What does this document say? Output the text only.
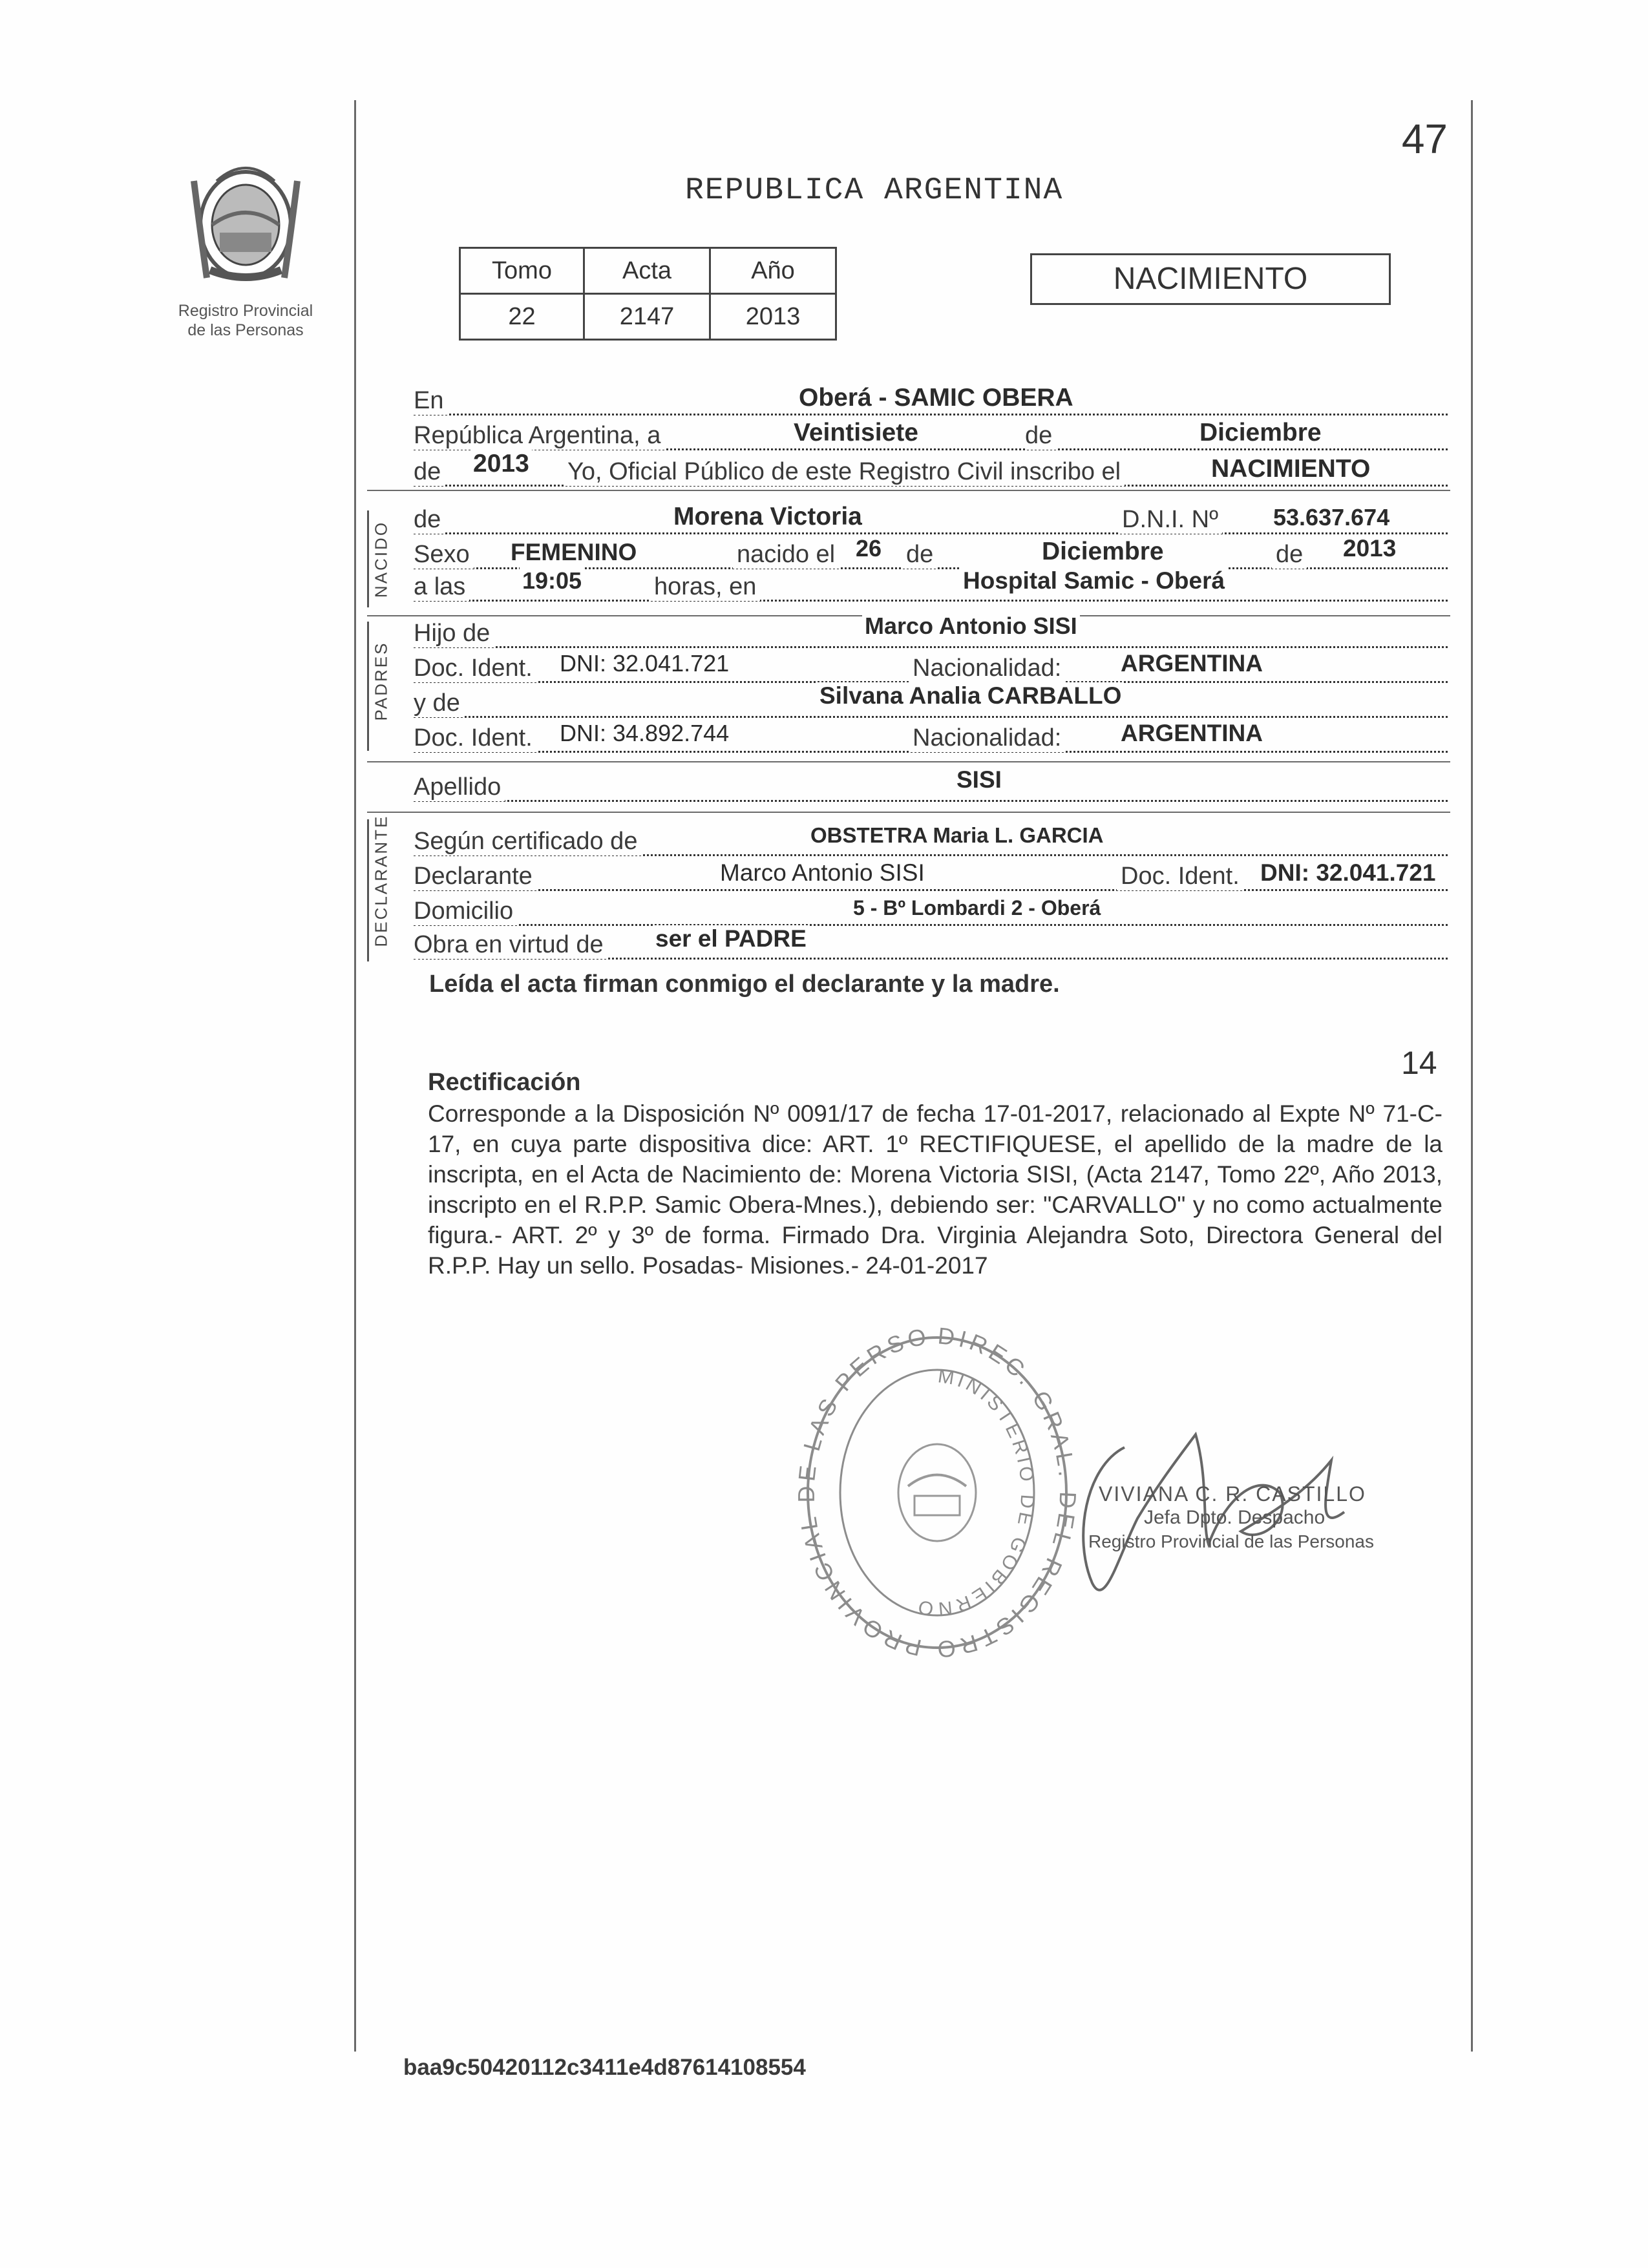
Registro Provincial
de las Personas
47
REPUBLICA ARGENTINA
Tomo	Acta	Año
22	2147	2013
NACIMIENTO
En	Oberá - SAMIC OBERA
República Argentina, a	Veintisiete	de	Diciembre
de 2013 Yo, Oficial Público de este Registro Civil inscribo el	NACIMIENTO
NACIDO
PADRES
DECLARANTE
de	Morena Victoria	D.N.I. Nº 53.637.674
Sexo FEMENINO	nacido el 26 de	Diciembre	de 2013
a las 19:05	horas, en	Hospital Samic - Oberá
Hijo de	Marco Antonio SISI
Doc. Ident. DNI: 32.041.721	Nacionalidad: ARGENTINA
y de	Silvana Analia CARBALLO
Doc. Ident. DNI: 34.892.744	Nacionalidad: ARGENTINA
Apellido	SISI
Según certificado de	OBSTETRA Maria L. GARCIA
Declarante	Marco Antonio SISI	Doc. Ident. DNI: 32.041.721
Domicilio	5 - Bº Lombardi 2 - Oberá
Obra en virtud de ser el PADRE
Leída el acta firman conmigo el declarante y la madre.
14
Rectificación
Corresponde a la Disposición Nº 0091/17 de fecha 17-01-2017, relacionado al Expte Nº 71-C-17, en cuya parte dispositiva dice: ART. 1º RECTIFIQUESE, el apellido de la madre de la inscripta, en el Acta de Nacimiento de: Morena Victoria SISI, (Acta 2147, Tomo 22º, Año 2013, inscripto en el R.P.P. Samic Obera-Mnes.), debiendo ser: "CARVALLO" y no como actualmente figura.- ART. 2º y 3º de forma. Firmado Dra. Virginia Alejandra Soto, Directora General del R.P.P. Hay un sello. Posadas- Misiones.- 24-01-2017
DIREC. GRAL. DEL REGISTRO PROVINCIAL DE LAS PERSO
MINISTERIO DE GOBIERNO
VIVIANA C. R. CASTILLO
Jefa Dpto. Despacho
Registro Provincial de las Personas
baa9c50420112c3411e4d87614108554
